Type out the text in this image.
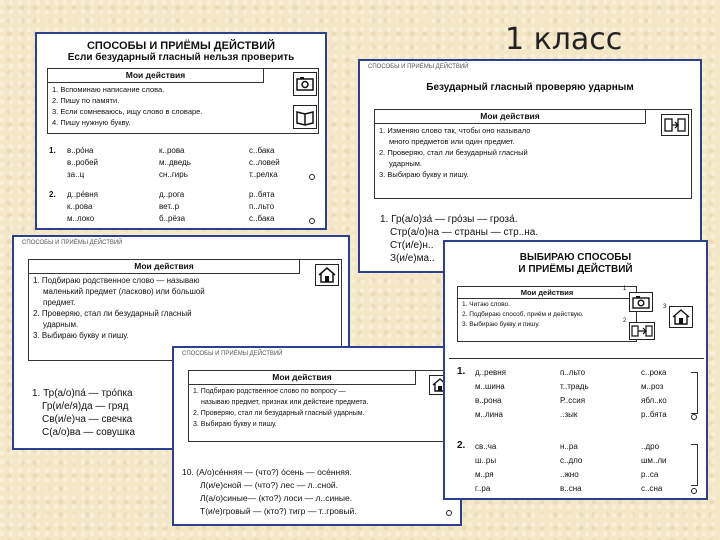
1 класс
СПОСОБЫ И ПРИЁМЫ ДЕЙСТВИЙ
Если безударный гласный нельзя проверить
Мои действия
1. Вспоминаю написание слова.
2. Пишу по памяти.
3. Если сомневаюсь, ищу слово в словаре.
4. Пишу нужную букву.
1. в..ро́на
в..робей
за..ц
к..рова
м..дведь
сн..гирь
с..бака
с..ловей
т..релка
2. д..ре́вня
к..рова
м..локо
д..рога
вет..р
б..рёза
р..бята
п..льто
с..бака
СПОСОБЫ И ПРИЁМЫ ДЕЙСТВИЙ
Безударный гласный проверяю ударным
Мои действия
1. Изменяю слово так, чтобы оно называло
много предметов или один предмет.
2. Проверяю, стал ли безударный гласный
ударным.
3. Выбираю букву и пишу.
1. Гр(а/о)за́ — гро́зы — гроза́.
Стр(а/о)на — страны — стр..на.
Ст(и/е)н..
З(и/е)ма..
СПОСОБЫ И ПРИЁМЫ ДЕЙСТВИЙ
Мои действия
1. Подбираю родственное слово — называю
маленький предмет (ласково) или большой
предмет.
2. Проверяю, стал ли безударный гласный
ударным.
3. Выбираю букву и пишу.
1. Тр(а/о)па́ — тро́пка
Гр(и/е/я)да — гряд
Св(и/е)ча — свечка
С(а/о)ва — совушка
СПОСОБЫ И ПРИЁМЫ ДЕЙСТВИЙ
Мои действия
1. Подбираю родственное слово по вопросу —
называю предмет, признак или действие предмета.
2. Проверяю, стал ли безударный гласный ударным.
3. Выбираю букву и пишу.
10. (А/о)се́нняя — (что?) о́сень — осе́нняя.
Л(и/е)сной — (что?) лес — л..сной.
Л(а/о)синые— (кто?) лоси — л..синые.
Т(и/е)гровый — (кто?) тигр — т..гровый.
ВЫБИРАЮ СПОСОБЫ
И ПРИЁМЫ ДЕЙСТВИЙ
Мои действия
1. Читаю слово.
2. Подбираю способ, приём и действую.
3. Выбираю букву и пишу.
1
2
3
1. д..ревня
м..шина
в..рона
м..лина
п..льто
т..традь
Р..ссия
..зык
с..рока
м..роз
ябл..ко
р..бята
2. св..ча
ш..ры
м..ря
г..ра
н..ра
с..дло
..жно
в..сна
..дро
шм..ли
р..са
с..сна
